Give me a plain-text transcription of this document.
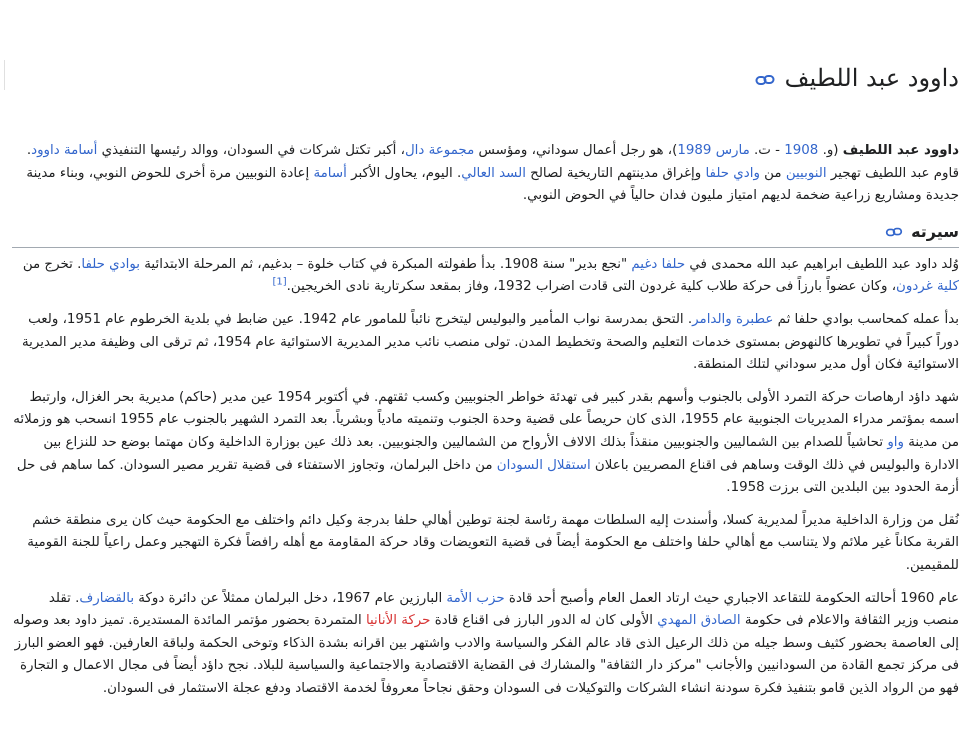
داوود عبد اللطيف

داوود عبد اللطيف (و. 1908 - ت. مارس 1989)، هو رجل أعمال سوداني، ومؤسس مجموعة دال، أكبر تكتل شركات في السودان، ووالد رئيسها التنفيذي أسامة داوود. قاوم عبد اللطيف تهجير النوبيين من وادي حلفا وإغراق مدينتهم التاريخية لصالح السد العالي. اليوم، يحاول الأكبر أسامة إعادة النوبيين مرة أخرى للحوض النوبي، وبناء مدينة جديدة ومشاريع زراعية ضخمة لديهم امتياز مليون فدان حالياً في الحوض النوبي.

سيرته

وُلد داود عبد اللطيف ابراهيم عبد الله محمدى في حلفا دغيم "نجع بدير" سنة 1908. بدأ طفولته المبكرة في كتاب خلوة – بدغيم، ثم المرحلة الابتدائية بوادي حلفا. تخرج من كلية غردون، وكان عضواً بارزاً فى حركة طلاب كلية غردون التى قادت اضراب 1932، وفاز بمقعد سكرتارية نادى الخريجين.[1]

بدأ عمله كمحاسب بوادي حلفا ثم عطبرة والدامر. التحق بمدرسة نواب المأمير والبوليس ليتخرج نائباً للمامور عام 1942. عين ضابط في بلدية الخرطوم عام 1951، ولعب دوراً كبيراً في تطويرها كالنهوض بمستوى خدمات التعليم والصحة وتخطيط المدن. تولى منصب نائب مدير المديرية الاستوائية عام 1954، ثم ترقى الى وظيفة مدير المديرية الاستوائية فكان أول مدير سوداني لتلك المنطقة.

شهد داؤد ارهاصات حركة التمرد الأولى بالجنوب وأسهم بقدر كبير فى تهدئة خواطر الجنوبيين وكسب ثقتهم. في أكتوبر 1954 عين مدير (حاكم) مديرية بحر الغزال، وارتبط اسمه بمؤتمر مدراء المديريات الجنوبية عام 1955، الذى كان حريصاً على قضية وحدة الجنوب وتنميته مادياً وبشرياً. بعد التمرد الشهير بالجنوب عام 1955 انسحب هو وزملائه من مدينة واو تحاشياً للصدام بين الشماليين والجنوبيين منقذاً بذلك الالاف الأرواح من الشماليين والجنوبيين. بعد ذلك عين بوزارة الداخلية وكان مهتما بوضع حد للنزاع بين الادارة والبوليس في ذلك الوقت وساهم فى اقناع المصريين باعلان استقلال السودان من داخل البرلمان، وتجاوز الاستفتاء فى قضية تقرير مصير السودان. كما ساهم فى حل أزمة الحدود بين البلدين التى برزت 1958.

نُقل من وزارة الداخلية مديراً لمديرية كسلا، وأسندت إليه السلطات مهمة رئاسة لجنة توطين أهالي حلفا بدرجة وكيل دائم واختلف مع الحكومة حيث كان يرى منطقة خشم القربة مكاناً غير ملائم ولا يتناسب مع أهالي حلفا واختلف مع الحكومة أيضاً فى قضية التعويضات وقاد حركة المقاومة مع أهله رافضاً فكرة التهجير وعمل راعياً للجنة القومية للمقيمين.

عام 1960 أحالته الحكومة للتقاعد الاجباري حيث ارتاد العمل العام وأصبح أحد قادة حزب الأمة البارزين عام 1967، دخل البرلمان ممثلاً عن دائرة دوكة بالقضارف. تقلد منصب وزير الثقافة والاعلام فى حكومة الصادق المهدي الأولى كان له الدور البارز فى اقناع قادة حركة الأنانيا المتمردة بحضور مؤتمر المائدة المستديرة. تميز داود بعد وصوله إلى العاصمة بحضور كثيف وسط جيله من ذلك الرعيل الذى قاد عالم الفكر والسياسة والادب واشتهر بين اقرانه بشدة الذكاء وتوخى الحكمة ولباقة العارفين. فهو العضو البارز فى مركز تجمع القادة من السودانيين والأجانب "مركز دار الثقافة" والمشارك فى القضاية الاقتصادية والاجتماعية والسياسية للبلاد. نجح داؤد أيضاً فى مجال الاعمال و التجارة فهو من الرواد الذين قامو بتنفيذ فكرة سودنة انشاء الشركات والتوكيلات فى السودان وحقق نجاحاً معروفاً لخدمة الاقتصاد ودفع عجلة الاستثمار فى السودان.
